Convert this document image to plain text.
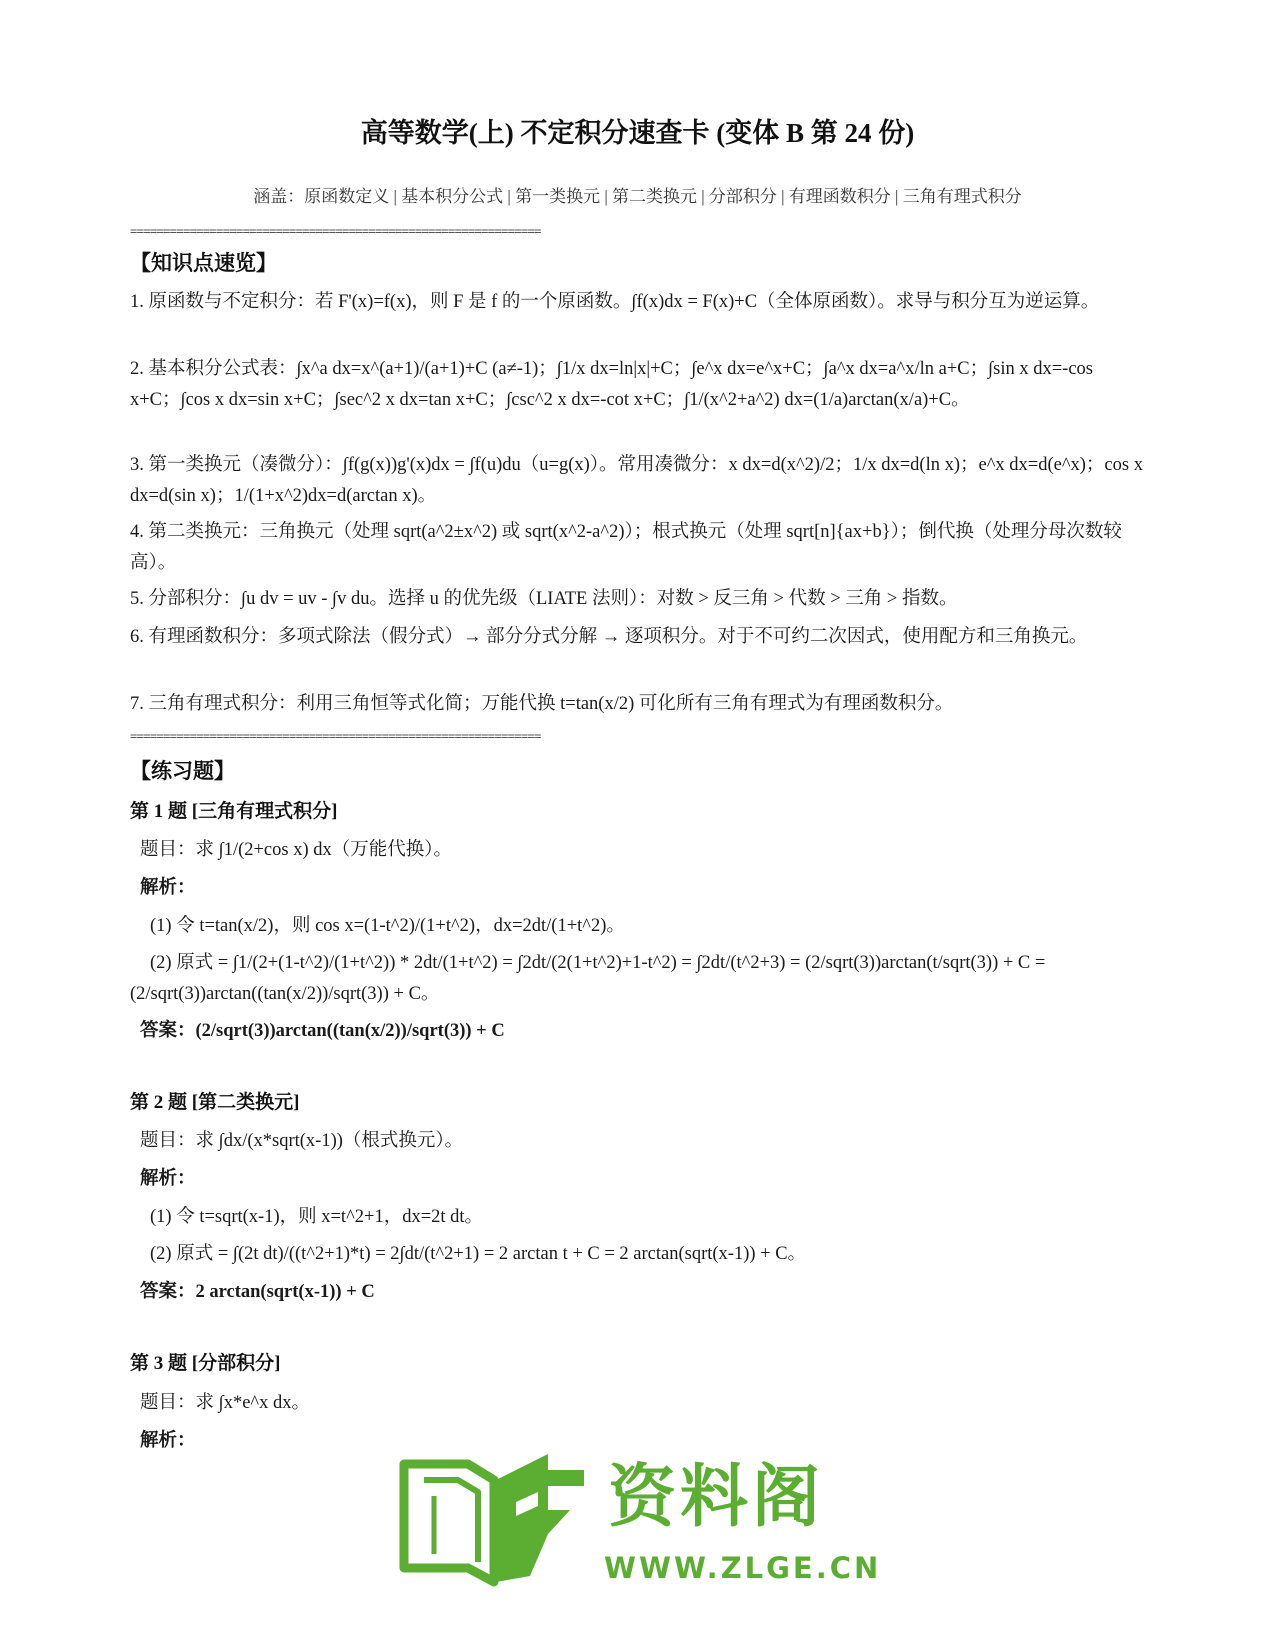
高等数学(上) 不定积分速查卡 (变体 B 第 24 份)
涵盖：原函数定义 | 基本积分公式 | 第一类换元 | 第二类换元 | 分部积分 | 有理函数积分 | 三角有理式积分
==============================================================
【知识点速览】
1. 原函数与不定积分：若 F'(x)=f(x)，则 F 是 f 的一个原函数。∫f(x)dx = F(x)+C（全体原函数）。求导与积分互为逆运算。
2. 基本积分公式表：∫x^a dx=x^(a+1)/(a+1)+C (a≠-1)；∫1/x dx=ln|x|+C；∫e^x dx=e^x+C；∫a^x dx=a^x/ln a+C；∫sin x dx=-cos x+C；∫cos x dx=sin x+C；∫sec^2 x dx=tan x+C；∫csc^2 x dx=-cot x+C；∫1/(x^2+a^2) dx=(1/a)arctan(x/a)+C。
3. 第一类换元（凑微分）：∫f(g(x))g'(x)dx = ∫f(u)du（u=g(x)）。常用凑微分：x dx=d(x^2)/2；1/x dx=d(ln x)；e^x dx=d(e^x)；cos x dx=d(sin x)；1/(1+x^2)dx=d(arctan x)。
4. 第二类换元：三角换元（处理 sqrt(a^2±x^2) 或 sqrt(x^2-a^2)）；根式换元（处理 sqrt[n]{ax+b}）；倒代换（处理分母次数较高）。
5. 分部积分：∫u dv = uv - ∫v du。选择 u 的优先级（LIATE 法则）：对数 > 反三角 > 代数 > 三角 > 指数。
6. 有理函数积分：多项式除法（假分式）→ 部分分式分解 → 逐项积分。对于不可约二次因式，使用配方和三角换元。
7. 三角有理式积分：利用三角恒等式化简；万能代换 t=tan(x/2) 可化所有三角有理式为有理函数积分。
==============================================================
【练习题】
第 1 题 [三角有理式积分]
题目：求 ∫1/(2+cos x) dx（万能代换）。
解析：
(1) 令 t=tan(x/2)，则 cos x=(1-t^2)/(1+t^2)，dx=2dt/(1+t^2)。
(2) 原式 = ∫1/(2+(1-t^2)/(1+t^2)) * 2dt/(1+t^2) = ∫2dt/(2(1+t^2)+1-t^2) = ∫2dt/(t^2+3) = (2/sqrt(3))arctan(t/sqrt(3)) + C = (2/sqrt(3))arctan((tan(x/2))/sqrt(3)) + C。
答案：(2/sqrt(3))arctan((tan(x/2))/sqrt(3)) + C
第 2 题 [第二类换元]
题目：求 ∫dx/(x*sqrt(x-1))（根式换元）。
解析：
(1) 令 t=sqrt(x-1)，则 x=t^2+1，dx=2t dt。
(2) 原式 = ∫(2t dt)/((t^2+1)*t) = 2∫dt/(t^2+1) = 2 arctan t + C = 2 arctan(sqrt(x-1)) + C。
答案：2 arctan(sqrt(x-1)) + C
第 3 题 [分部积分]
题目：求 ∫x*e^x dx。
解析：
资料阁
WWW.ZLGE.CN
